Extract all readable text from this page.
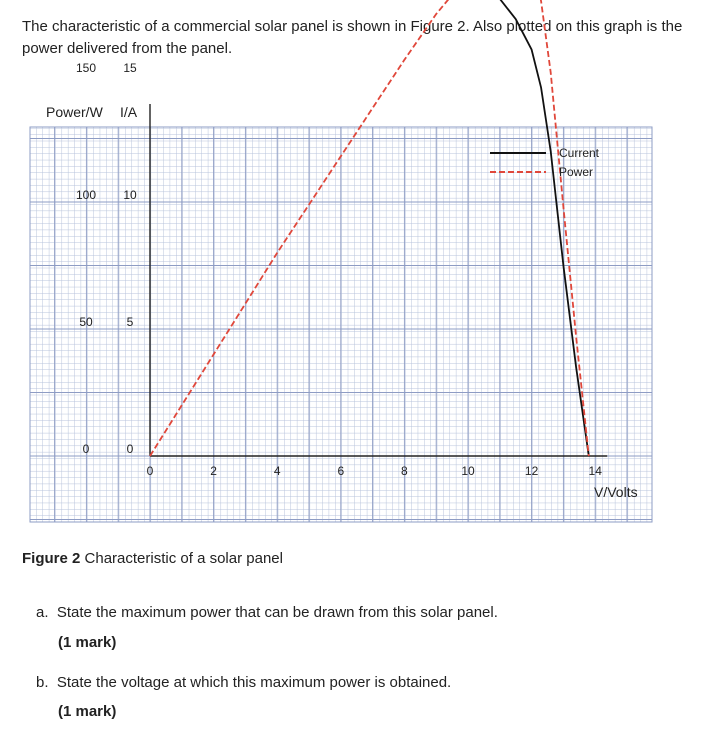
The characteristic of a commercial solar panel is shown in Figure 2. Also plotted on this graph is the power delivered from the panel.
Power/W I/A
V/Volts
0	0
50	5
100 10
150 15
0	2	4	6	8	10	12	14
Current
Power
Figure 2 Characteristic of a solar panel
a. State the maximum power that can be drawn from this solar panel.
(1 mark)
b. State the voltage at which this maximum power is obtained.
(1 mark)
